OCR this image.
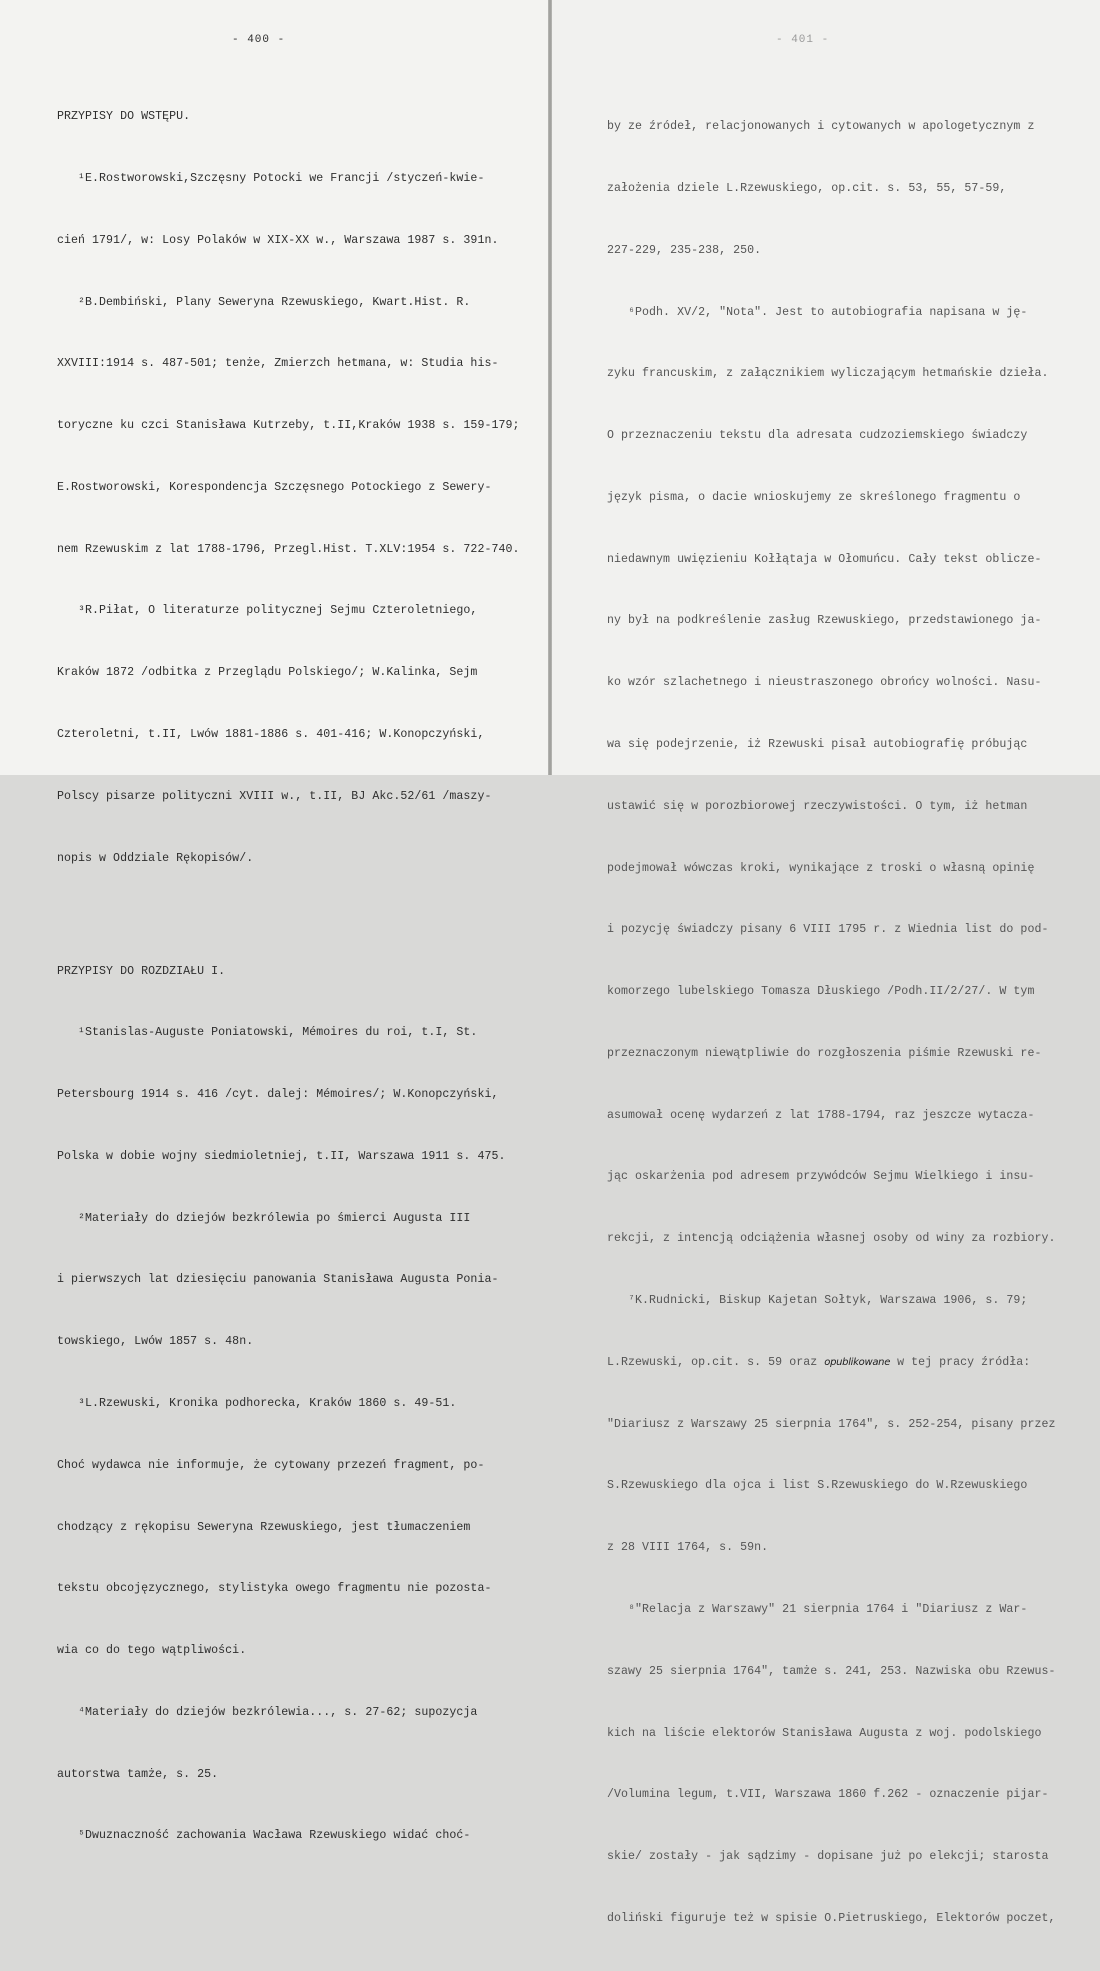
- 400 -

PRZYPISY DO WSTĘPU.

¹E.Rostworowski,Szczęsny Potocki we Francji /styczeń-kwie-

cień 1791/, w: Losy Polaków w XIX-XX w., Warszawa 1987 s. 391n.

²B.Dembiński, Plany Seweryna Rzewuskiego, Kwart.Hist. R.

XXVIII:1914 s. 487-501; tenże, Zmierzch hetmana, w: Studia his-

toryczne ku czci Stanisława Kutrzeby, t.II,Kraków 1938 s. 159-179;

E.Rostworowski, Korespondencja Szczęsnego Potockiego z Sewery-

nem Rzewuskim z lat 1788-1796, Przegl.Hist. T.XLV:1954 s. 722-740.

³R.Piłat, O literaturze politycznej Sejmu Czteroletniego,

Kraków 1872 /odbitka z Przeglądu Polskiego/; W.Kalinka, Sejm

Czteroletni, t.II, Lwów 1881-1886 s. 401-416; W.Konopczyński,

Polscy pisarze polityczni XVIII w., t.II, BJ Akc.52/61 /maszy-

nopis w Oddziale Rękopisów/.

PRZYPISY DO ROZDZIAŁU I.

¹Stanislas-Auguste Poniatowski, Mémoires du roi, t.I, St.

Petersbourg 1914 s. 416 /cyt. dalej: Mémoires/; W.Konopczyński,

Polska w dobie wojny siedmioletniej, t.II, Warszawa 1911 s. 475.

²Materiały do dziejów bezkrólewia po śmierci Augusta III

i pierwszych lat dziesięciu panowania Stanisława Augusta Ponia-

towskiego, Lwów 1857 s. 48n.

³L.Rzewuski, Kronika podhorecka, Kraków 1860 s. 49-51.

Choć wydawca nie informuje, że cytowany przezeń fragment, po-

chodzący z rękopisu Seweryna Rzewuskiego, jest tłumaczeniem

tekstu obcojęzycznego, stylistyka owego fragmentu nie pozosta-

wia co do tego wątpliwości.

⁴Materiały do dziejów bezkrólewia..., s. 27-62; supozycja

autorstwa tamże, s. 25.

⁵Dwuznaczność zachowania Wacława Rzewuskiego widać choć-

- 401 -

by ze źródeł, relacjonowanych i cytowanych w apologetycznym z

założenia dziele L.Rzewuskiego, op.cit. s. 53, 55, 57-59,

227-229, 235-238, 250.

⁶Podh. XV/2, "Nota". Jest to autobiografia napisana w ję-

zyku francuskim, z załącznikiem wyliczającym hetmańskie dzieła.

O przeznaczeniu tekstu dla adresata cudzoziemskiego świadczy

język pisma, o dacie wnioskujemy ze skreślonego fragmentu o

niedawnym uwięzieniu Kołłątaja w Ołomuńcu. Cały tekst oblicze-

ny był na podkreślenie zasług Rzewuskiego, przedstawionego ja-

ko wzór szlachetnego i nieustraszonego obrońcy wolności. Nasu-

wa się podejrzenie, iż Rzewuski pisał autobiografię próbując

ustawić się w porozbiorowej rzeczywistości. O tym, iż hetman

podejmował wówczas kroki, wynikające z troski o własną opinię

i pozycję świadczy pisany 6 VIII 1795 r. z Wiednia list do pod-

komorzego lubelskiego Tomasza Dłuskiego /Podh.II/2/27/. W tym

przeznaczonym niewątpliwie do rozgłoszenia piśmie Rzewuski re-

asumował ocenę wydarzeń z lat 1788-1794, raz jeszcze wytacza-

jąc oskarżenia pod adresem przywódców Sejmu Wielkiego i insu-

rekcji, z intencją odciążenia własnej osoby od winy za rozbiory.

⁷K.Rudnicki, Biskup Kajetan Sołtyk, Warszawa 1906, s. 79;

L.Rzewuski, op.cit. s. 59 oraz opublikowane w tej pracy źródła:

"Diariusz z Warszawy 25 sierpnia 1764", s. 252-254, pisany przez

S.Rzewuskiego dla ojca i list S.Rzewuskiego do W.Rzewuskiego

z 28 VIII 1764, s. 59n.

⁸"Relacja z Warszawy" 21 sierpnia 1764 i "Diariusz z War-

szawy 25 sierpnia 1764", tamże s. 241, 253. Nazwiska obu Rzewus-

kich na liście elektorów Stanisława Augusta z woj. podolskiego

/Volumina legum, t.VII, Warszawa 1860 f.262 - oznaczenie pijar-

skie/ zostały - jak sądzimy - dopisane już po elekcji; starosta

doliński figuruje też w spisie O.Pietruskiego, Elektorów poczet,
